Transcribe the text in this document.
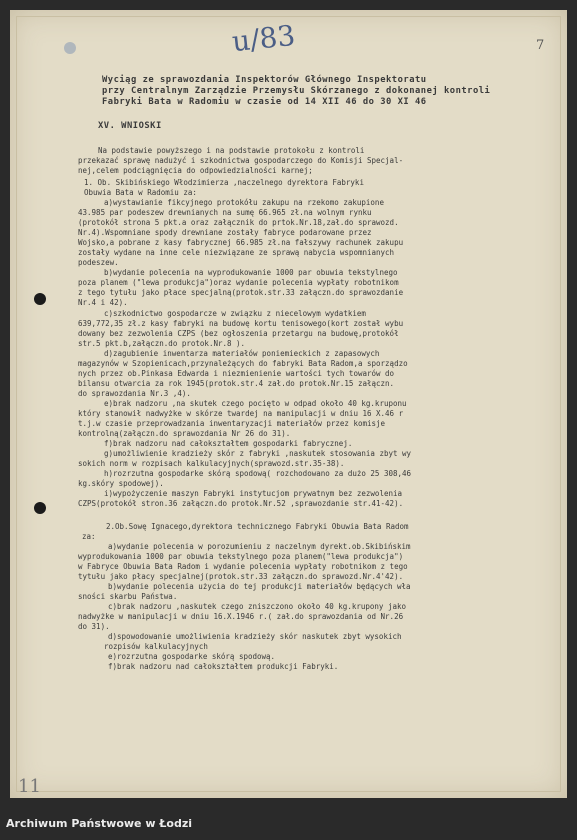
u/83	7
11
Wyciąg ze sprawozdania Inspektorów Głównego Inspektoratu
przy Centralnym Zarządzie Przemysłu Skórzanego z dokonanej kontroli
Fabryki Bata w Radomiu w czasie od 14 XII 46 do 30 XI 46
XV. WNIOSKI
Na podstawie powyższego i na podstawie protokołu z kontroli
przekazać sprawę nadużyć i szkodnictwa gospodarczego do Komisji Specjal-
nej,celem podciągnięcia do odpowiedzialności karnej;
1. Ob. Skibińskiego Włodzimierza ,naczelnego dyrektora Fabryki
Obuwia Bata w Radomiu za:
a)wystawianie fikcyjnego protokółu zakupu na rzekomo zakupione
43.985 par podeszew drewnianych na sumę 66.965 zł.na wolnym rynku
(protokół strona 5 pkt.a oraz załącznik do prtok.Nr.18,zał.do sprawozd.
Nr.4).Wspomniane spody drewniane zostały fabryce podarowane przez
Wojsko,a pobrane z kasy fabrycznej 66.985 zł.na fałszywy rachunek zakupu
zostały wydane na inne cele niezwiązane ze sprawą nabycia wspomnianych
podeszew.
b)wydanie polecenia na wyprodukowanie 1000 par obuwia tekstylnego
poza planem ("lewa produkcja")oraz wydanie polecenia wypłaty robotnikom
z tego tytułu jako płace specjalną(protok.str.33 załączn.do sprawozdanie
Nr.4 i 42).
c)szkodnictwo gospodarcze w związku z niecelowym wydatkiem
639,772,35 zł.z kasy fabryki na budowę kortu tenisowego(kort został wybu
dowany bez zezwolenia CZPS (bez ogłoszenia przetargu na budowę,protokół
str.5 pkt.b,załączn.do protok.Nr.8 ).
d)zagubienie inwentarza materiałów poniemieckich z zapasowych
magazynów w Szopienicach,przynależących do fabryki Bata Radom,a sporządzo
nych przez ob.Pinkasa Edwarda i niezmienienie wartości tych towarów do
bilansu otwarcia za rok 1945(protok.str.4 zał.do protok.Nr.15 załączn.
do sprawozdania Nr.3 ,4).
e)brak nadzoru ,na skutek czego pocięto w odpad około 40 kg.kruponu
który stanowił nadwyżke w skórze twardej na manipulacji w dniu 16 X.46 r
t.j.w czasie przeprowadzania inwentaryzacji materiałów przez komisje
kontrolną(załączn.do sprawozdania Nr 26 do 31).
f)brak nadzoru nad całokształtem gospodarki fabrycznej.
g)umożliwienie kradzieży skór z fabryki ,naskutek stosowania zbyt wy
sokich norm w rozpisach kalkulacyjnych(sprawozd.str.35-38).
h)rozrzutna gospodarke skórą spodową( rozchodowano za dużo 25 308,46
kg.skóry spodowej).
i)wypożyczenie maszyn Fabryki instytucjom prywatnym bez zezwolenia
CZPS(protokół stron.36 załączn.do protok.Nr.52 ,sprawozdanie str.41-42).
2.Ob.Sowę Ignacego,dyrektora technicznego Fabryki Obuwia Bata Radom
za:
a)wydanie polecenia w porozumieniu z naczelnym dyrekt.ob.Skibińskim
wyprodukowania 1000 par obuwia tekstylnego poza planem("lewa produkcja")
w Fabryce Obuwia Bata Radom i wydanie polecenia wypłaty robotnikom z tego
tytułu jako płacy specjalnej(protok.str.33 załączn.do sprawozd.Nr.4'42).
b)wydanie polecenia użycia do tej produkcji materiałów będących wła
sności skarbu Państwa.
c)brak nadzoru ,naskutek czego zniszczono około 40 kg.krupony jako
nadwyżke w manipulacji w dniu 16.X.1946 r.( zał.do sprawozdania od Nr.26
do 31).
d)spowodowanie umożliwienia kradzieży skór naskutek zbyt wysokich
rozpisów kalkulacyjnych
e)rozrzutna gospodarke skórą spodową.
f)brak nadzoru nad całokształtem produkcji Fabryki.
Archiwum Państwowe w Łodzi
